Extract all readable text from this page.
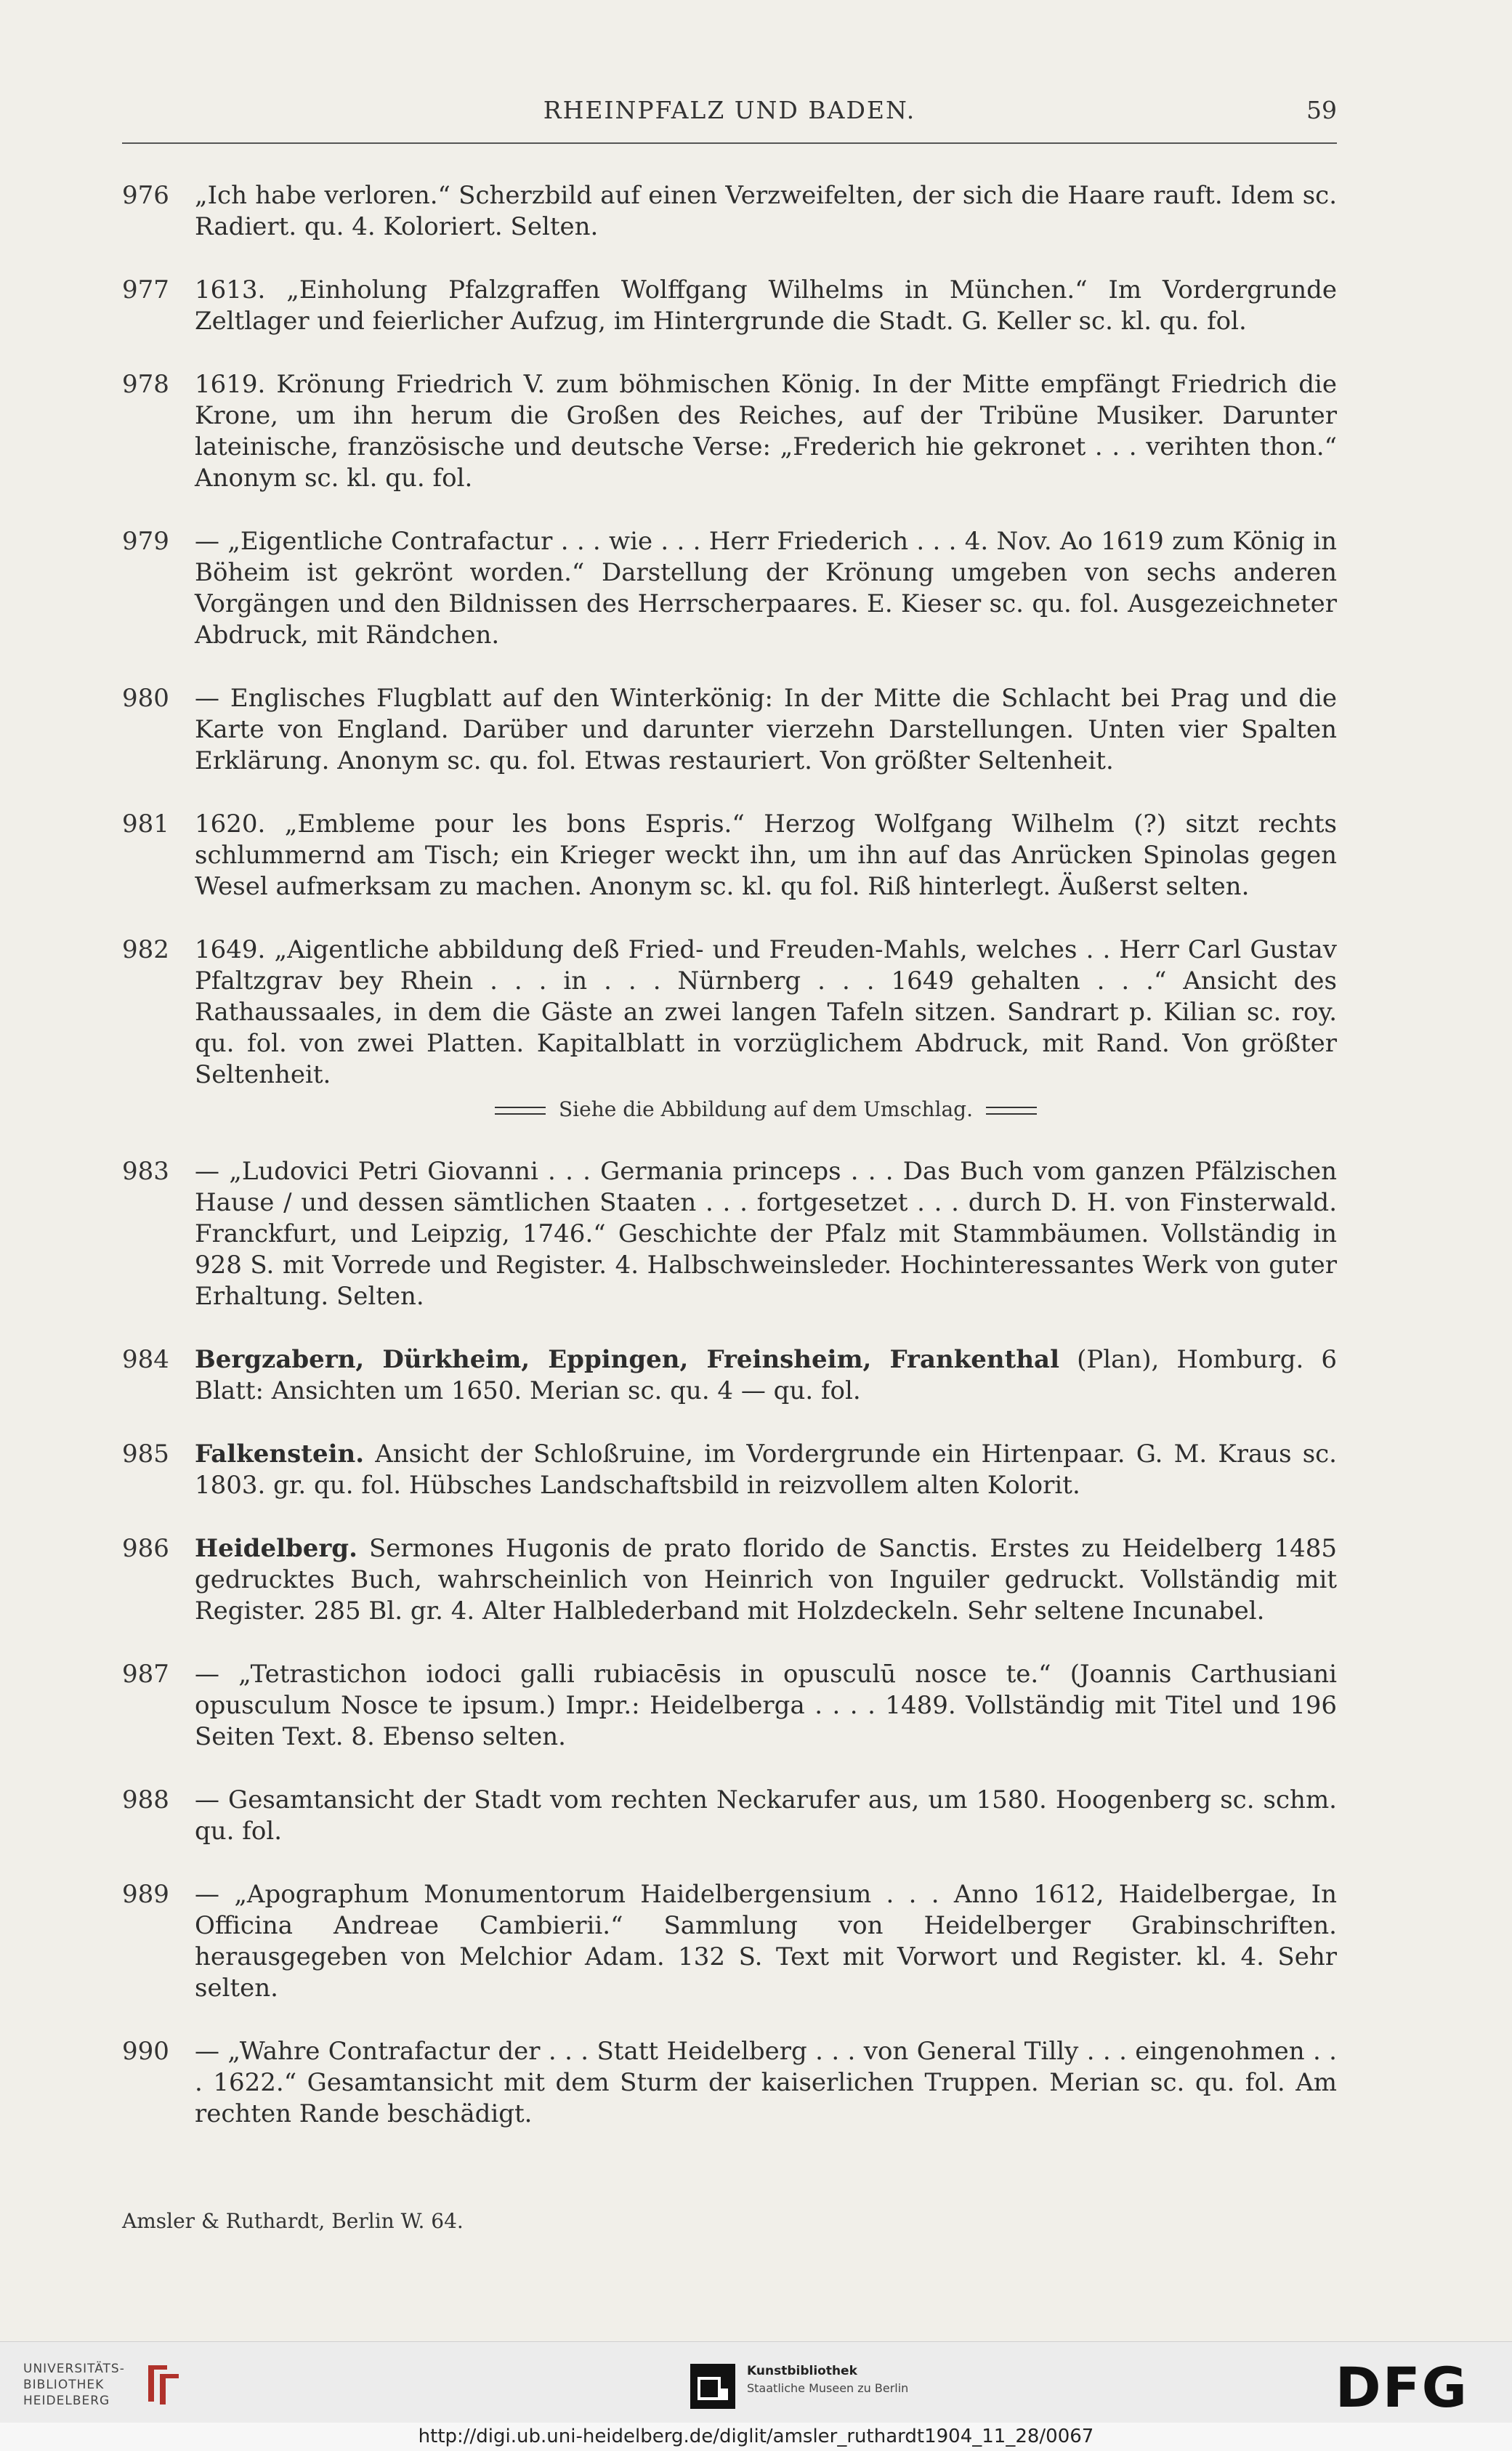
RHEINPFALZ UND BADEN.	59
976	„Ich habe verloren.“ Scherzbild auf einen Verzweifelten, der sich die Haare rauft. Idem sc. Radiert. qu. 4. Koloriert. Selten.
977	1613. „Einholung Pfalzgraffen Wolffgang Wilhelms in München.“ Im Vordergrunde Zeltlager und feierlicher Aufzug, im Hintergrunde die Stadt. G. Keller sc. kl. qu. fol.
978	1619. Krönung Friedrich V. zum böhmischen König. In der Mitte empfängt Friedrich die Krone, um ihn herum die Großen des Reiches, auf der Tribüne Musiker. Darunter lateinische, französische und deutsche Verse: „Frederich hie gekronet . . . verihten thon.“ Anonym sc. kl. qu. fol.
979	— „Eigentliche Contrafactur . . . wie . . . Herr Friederich . . . 4. Nov. Ao 1619 zum König in Böheim ist gekrönt worden.“ Darstellung der Krönung umgeben von sechs anderen Vorgängen und den Bildnissen des Herrscherpaares. E. Kieser sc. qu. fol. Ausgezeichneter Abdruck, mit Rändchen.
980	— Englisches Flugblatt auf den Winterkönig: In der Mitte die Schlacht bei Prag und die Karte von England. Darüber und darunter vierzehn Darstellungen. Unten vier Spalten Erklärung. Anonym sc. qu. fol. Etwas restauriert. Von größter Seltenheit.
981	1620. „Embleme pour les bons Espris.“ Herzog Wolfgang Wilhelm (?) sitzt rechts schlummernd am Tisch; ein Krieger weckt ihn, um ihn auf das Anrücken Spinolas gegen Wesel aufmerksam zu machen. Anonym sc. kl. qu fol. Riß hinterlegt. Äußerst selten.
982	1649. „Aigentliche abbildung deß Fried- und Freuden-Mahls, welches . . Herr Carl Gustav Pfaltzgrav bey Rhein . . . in . . . Nürnberg . . . 1649 gehalten . . .“ Ansicht des Rathaussaales, in dem die Gäste an zwei langen Tafeln sitzen. Sandrart p. Kilian sc. roy. qu. fol. von zwei Platten. Kapitalblatt in vorzüglichem Abdruck, mit Rand. Von größter Seltenheit.
Siehe die Abbildung auf dem Umschlag.
983	— „Ludovici Petri Giovanni . . . Germania princeps . . . Das Buch vom ganzen Pfälzischen Hause / und dessen sämtlichen Staaten . . . fortgesetzet . . . durch D. H. von Finsterwald. Franckfurt, und Leipzig, 1746.“ Geschichte der Pfalz mit Stammbäumen. Vollständig in 928 S. mit Vorrede und Register. 4. Halbschweinsleder. Hochinteressantes Werk von guter Erhaltung. Selten.
984	Bergzabern, Dürkheim, Eppingen, Freinsheim, Frankenthal (Plan), Homburg. 6 Blatt: Ansichten um 1650. Merian sc. qu. 4 — qu. fol.
985	Falkenstein. Ansicht der Schloßruine, im Vordergrunde ein Hirtenpaar. G. M. Kraus sc. 1803. gr. qu. fol. Hübsches Landschaftsbild in reizvollem alten Kolorit.
986	Heidelberg. Sermones Hugonis de prato florido de Sanctis. Erstes zu Heidelberg 1485 gedrucktes Buch, wahrscheinlich von Heinrich von Inguiler gedruckt. Vollständig mit Register. 285 Bl. gr. 4. Alter Halblederband mit Holzdeckeln. Sehr seltene Incunabel.
987	— „Tetrastichon iodoci galli rubiacēsis in opusculū nosce te.“ (Joannis Carthusiani opusculum Nosce te ipsum.) Impr.: Heidelberga . . . . 1489. Vollständig mit Titel und 196 Seiten Text. 8. Ebenso selten.
988	— Gesamtansicht der Stadt vom rechten Neckarufer aus, um 1580. Hoogenberg sc. schm. qu. fol.
989	— „Apographum Monumentorum Haidelbergensium . . . Anno 1612, Haidelbergae, In Officina Andreae Cambierii.“ Sammlung von Heidelberger Grabinschriften. herausgegeben von Melchior Adam. 132 S. Text mit Vorwort und Register. kl. 4. Sehr selten.
990	— „Wahre Contrafactur der . . . Statt Heidelberg . . . von General Tilly . . . eingenohmen . . . 1622.“ Gesamtansicht mit dem Sturm der kaiserlichen Truppen. Merian sc. qu. fol. Am rechten Rande beschädigt.
Amsler & Ruthardt, Berlin W. 64.
UNIVERSITÄTS-
BIBLIOTHEK
HEIDELBERG
Kunstbibliothek
Staatliche Museen zu Berlin	DFG
http://digi.ub.uni-heidelberg.de/diglit/amsler_ruthardt1904_11_28/0067
